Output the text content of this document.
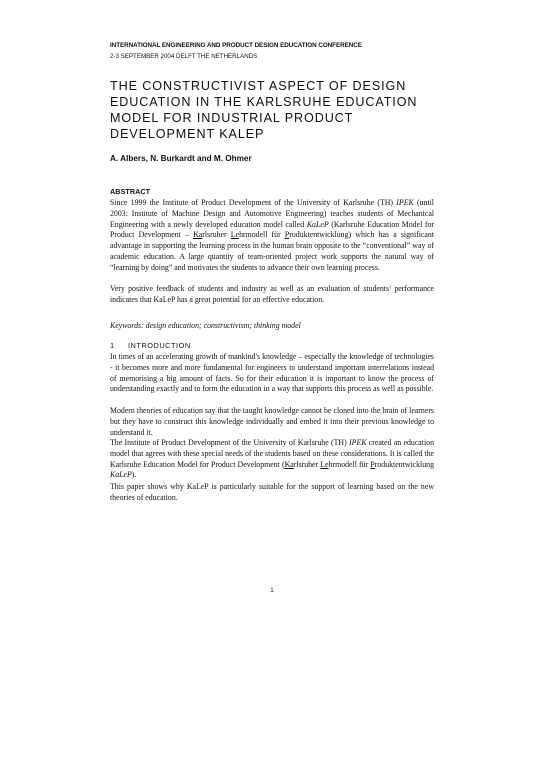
INTERNATIONAL ENGINEERING AND PRODUCT DESIGN EDUCATION CONFERENCE
2-3 SEPTEMBER 2004 DELFT THE NETHERLANDS
THE CONSTRUCTIVIST ASPECT OF DESIGN EDUCATION IN THE KARLSRUHE EDUCATION MODEL FOR INDUSTRIAL PRODUCT DEVELOPMENT KALEP
A. Albers, N. Burkardt and M. Ohmer
ABSTRACT

Since 1999 the Institute of Product Development of the University of Karlsruhe (TH) IPEK (until 2003: Institute of Machine Design and Automotive Engineering) teaches students of Mechanical Engineering with a newly developed education model called KaLeP (Karlsruhe Education Model for Product Development – Karlsruher Lehrmodell für Produktentwicklung) which has a significant advantage in supporting the learning process in the human brain opposite to the “conventional” way of academic education. A large quantity of team-oriented project work supports the natural way of “learning by doing” and motivates the students to advance their own learning process.

Very positive feedback of students and industry as well as an evaluation of students’ performance indicates that KaLeP has a great potential for an effective education.

Keywords: design education; constructivism; thinking model
1 INTRODUCTION

In times of an accelerating growth of mankind's knowledge – especially the knowledge of technologies - it becomes more and more fundamental for engineers to understand important interrelations instead of memorising a big amount of facts. So for their education it is important to know the process of understanding exactly and to form the education in a way that supports this process as well as possible.

Modern theories of education say that the taught knowledge cannot be cloned into the brain of learners but they have to construct this knowledge individually and embed it into their previous knowledge to understand it.

The Institute of Product Development of the University of Karlsruhe (TH) IPEK created an education model that agrees with these special needs of the students based on these considerations. It is called the Karlsruhe Education Model for Product Development (Karlsruher Lehrmodell für Produktentwicklung KaLeP).

This paper shows why KaLeP is particularly suitable for the support of learning based on the new theories of education.

1
